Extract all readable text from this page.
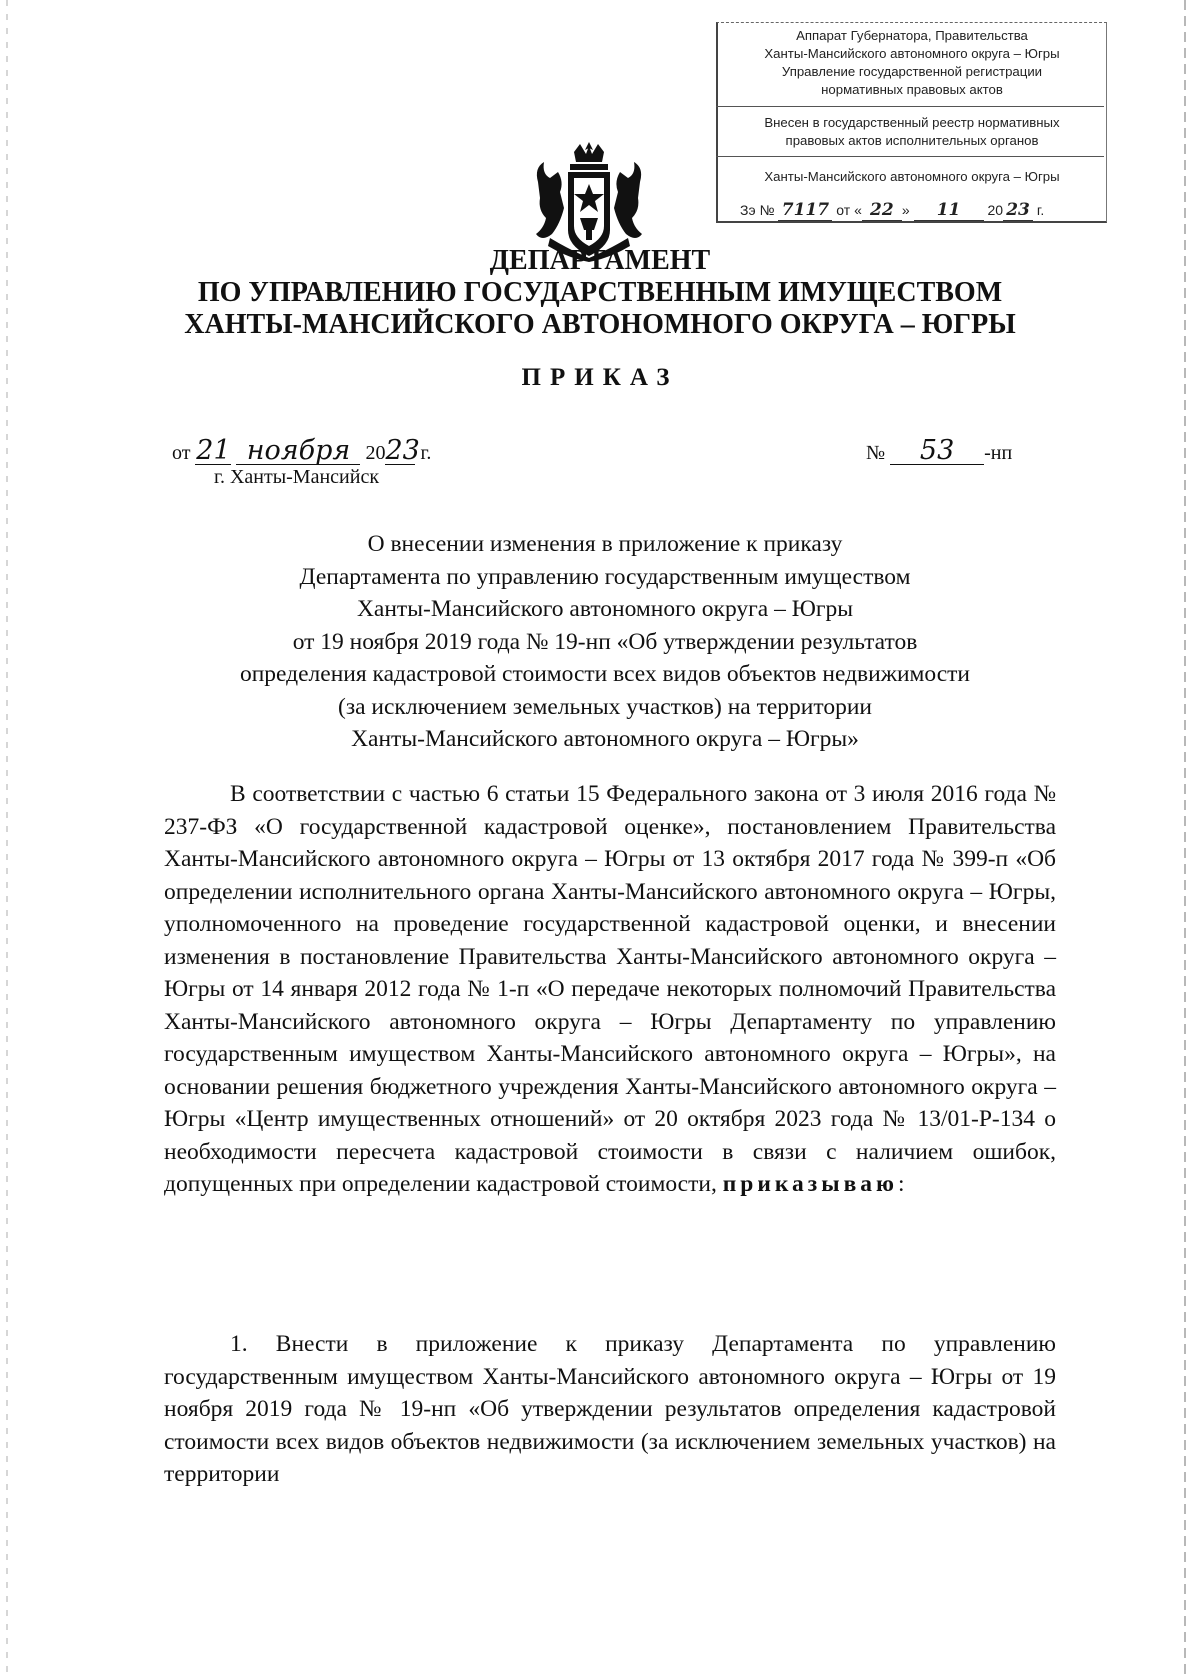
Аппарат Губернатора, Правительства
Ханты-Мансийского автономного округа – Югры
Управление государственной регистрации
нормативных правовых актов
Внесен в государственный реестр нормативных
правовых актов исполнительных органов
Ханты-Мансийского автономного округа – Югры
Зэ № 7117 от « 22 » 11 20 23 г.
ДЕПАРТАМЕНТ
ПО УПРАВЛЕНИЮ ГОСУДАРСТВЕННЫМ ИМУЩЕСТВОМ
ХАНТЫ-МАНСИЙСКОГО АВТОНОМНОГО ОКРУГА – ЮГРЫ
ПРИКАЗ
от 21 ноября 2023 г.
г. Ханты-Мансийск
№ 53 -нп
О внесении изменения в приложение к приказу
Департамента по управлению государственным имуществом
Ханты-Мансийского автономного округа – Югры
от 19 ноября 2019 года № 19-нп «Об утверждении результатов
определения кадастровой стоимости всех видов объектов недвижимости
(за исключением земельных участков) на территории
Ханты-Мансийского автономного округа – Югры»
В соответствии с частью 6 статьи 15 Федерального закона от 3 июля 2016 года № 237-ФЗ «О государственной кадастровой оценке», постановлением Правительства Ханты-Мансийского автономного округа – Югры от 13 октября 2017 года № 399-п «Об определении исполнительного органа Ханты-Мансийского автономного округа – Югры, уполномоченного на проведение государственной кадастровой оценки, и внесении изменения в постановление Правительства Ханты-Мансийского автономного округа – Югры от 14 января 2012 года № 1-п «О передаче некоторых полномочий Правительства Ханты-Мансийского автономного округа – Югры Департаменту по управлению государственным имуществом Ханты-Мансийского автономного округа – Югры», на основании решения бюджетного учреждения Ханты-Мансийского автономного округа – Югры «Центр имущественных отношений» от 20 октября 2023 года № 13/01-Р-134 о необходимости пересчета кадастровой стоимости в связи с наличием ошибок, допущенных при определении кадастровой стоимости, приказываю:
1. Внести в приложение к приказу Департамента по управлению государственным имуществом Ханты-Мансийского автономного округа – Югры от 19 ноября 2019 года № 19-нп «Об утверждении результатов определения кадастровой стоимости всех видов объектов недвижимости (за исключением земельных участков) на территории
